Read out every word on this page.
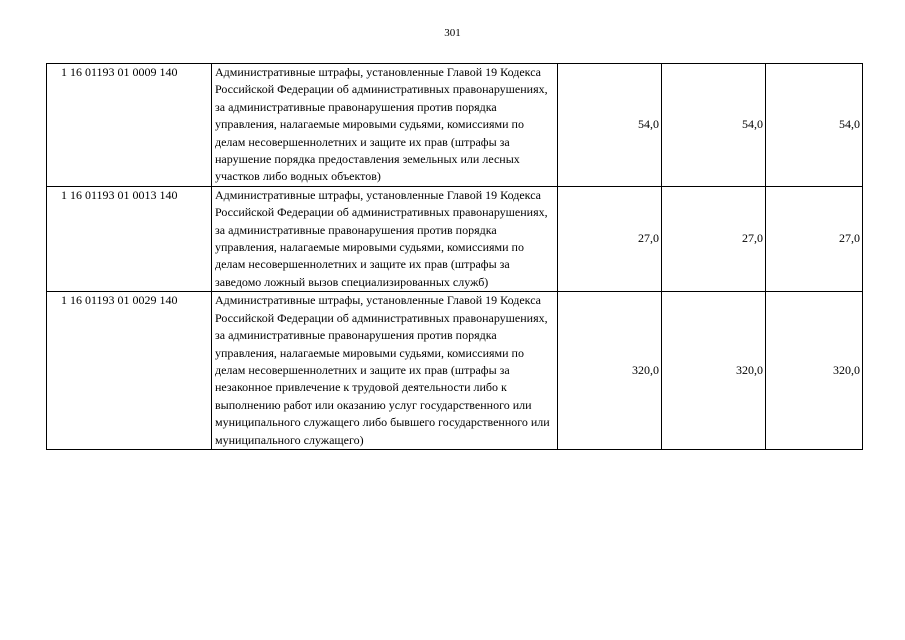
301
1 16 01193 01 0009 140	Административные штрафы, установленные Главой 19 Кодекса Российской Федерации об административных правонарушениях, за административные правонарушения против порядка управления, налагаемые мировыми судьями, комиссиями по делам несовершеннолетних и защите их прав (штрафы за нарушение порядка предоставления земельных или лесных участков либо водных объектов)	54,0	54,0	54,0
1 16 01193 01 0013 140	Административные штрафы, установленные Главой 19 Кодекса Российской Федерации об административных правонарушениях, за административные правонарушения против порядка управления, налагаемые мировыми судьями, комиссиями по делам несовершеннолетних и защите их прав (штрафы за заведомо ложный вызов специализированных служб)	27,0	27,0	27,0
1 16 01193 01 0029 140	Административные штрафы, установленные Главой 19 Кодекса Российской Федерации об административных правонарушениях, за административные правонарушения против порядка управления, налагаемые мировыми судьями, комиссиями по делам несовершеннолетних и защите их прав (штрафы за незаконное привлечение к трудовой деятельности либо к выполнению работ или оказанию услуг государственного или муниципального служащего либо бывшего государственного или муниципального служащего)	320,0	320,0	320,0
